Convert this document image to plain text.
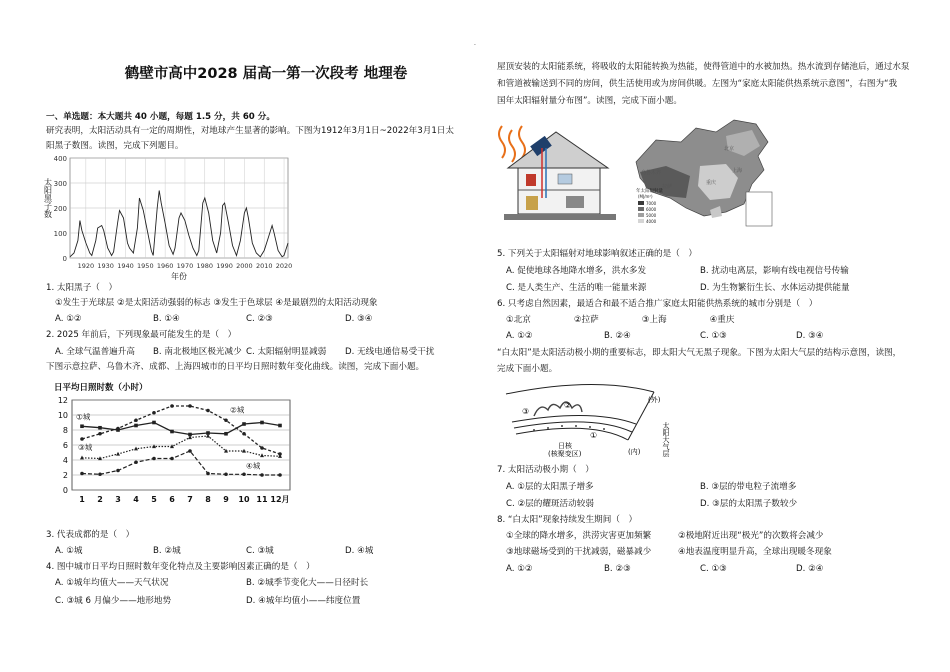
.
鹤壁市高中2028 届高一第一次段考 地理卷
一、单选题：本大题共 40 小题，每题 1.5 分，共 60 分。
研究表明，太阳活动具有一定的周期性，对地球产生显著的影响。下图为1912年3月1日~2022年3月1日太
阳黑子数图。读图，完成下列题目。
0
100
200
300
400
1920 1930 1940 1950 1960 1970 1980 1990 2000 2010 2020
太阳黑子数
年份
1. 太阳黑子（　）
①发生于光球层 ②是太阳活动强弱的标志 ③发生于色球层 ④是最剧烈的太阳活动现象
A. ①②	B. ①④	C. ②③	D. ③④
2. 2025 年前后，下列现象最可能发生的是（　）
A. 全球气温普遍升高 B. 南北极地区极光减少 C. 太阳辐射明显减弱 D. 无线电通信易受干扰
下图示意拉萨、乌鲁木齐、成都、上海四城市的日平均日照时数年变化曲线。读图，完成下面小题。
日平均日照时数（小时）
0
2
4
6
8
10
12
1 2 3 4 5 6 7 8 9 10 11 12月
①城
②城
③城
④城
3. 代表成都的是（　）
A. ①城	B. ②城	C. ③城	D. ④城
4. 图中城市日平均日照时数年变化特点及主要影响因素正确的是（　）
A. ①城年均值大——天气状况	B. ②城季节变化大——日径时长
C. ③城 6 月偏少——地形地势	D. ④城年均值小——纬度位置
屋顶安装的太阳能系统，将吸收的太阳能转换为热能，使得管道中的水被加热。热水流到存储池后，通过水泵
和管道被输送到不同的房间，供生活使用或为房间供暖。左图为“家庭太阳能供热系统示意图”，右图为“我
国年太阳辐射量分布图”。读图，完成下面小题。
乌鲁木齐
拉萨
北京
上海
重庆
年太阳辐射量
(MJ/m²)
7000
6000
5000
4000
5. 下列关于太阳辐射对地球影响叙述正确的是（　）
A. 促使地球各地降水增多，洪水多发	B. 扰动电离层，影响有线电视信号传输
C. 是人类生产、生活的唯一能量来源	D. 为生物繁衍生长、水体运动提供能量
6. 只考虑自然因素，最适合和最不适合推广家庭太阳能供热系统的城市分别是（　）
①北京　　　　　②拉萨　　　　　③上海　　　　　④重庆
A. ①②	B. ②④	C. ①③	D. ③④
“白太阳”是太阳活动极小期的重要标志，即太阳大气无黑子现象。下图为太阳大气层的结构示意图，读图，
完成下面小题。
③
②
①
(外)
太阳大气层
日核
(核聚变区)	(内)
7. 太阳活动极小期（　）
A. ①层的太阳黑子增多	B. ③层的带电粒子流增多
C. ②层的耀斑活动较弱	D. ③层的太阳黑子数较少
8. “白太阳”现象持续发生期间（　）
①全球的降水增多，洪涝灾害更加频繁	②极地附近出现“极光”的次数将会减少
③地球磁场受到的干扰减弱，磁暴减少	④地表温度明显升高，全球出现暖冬现象
A. ①②	B. ②③	C. ①③	D. ②④
